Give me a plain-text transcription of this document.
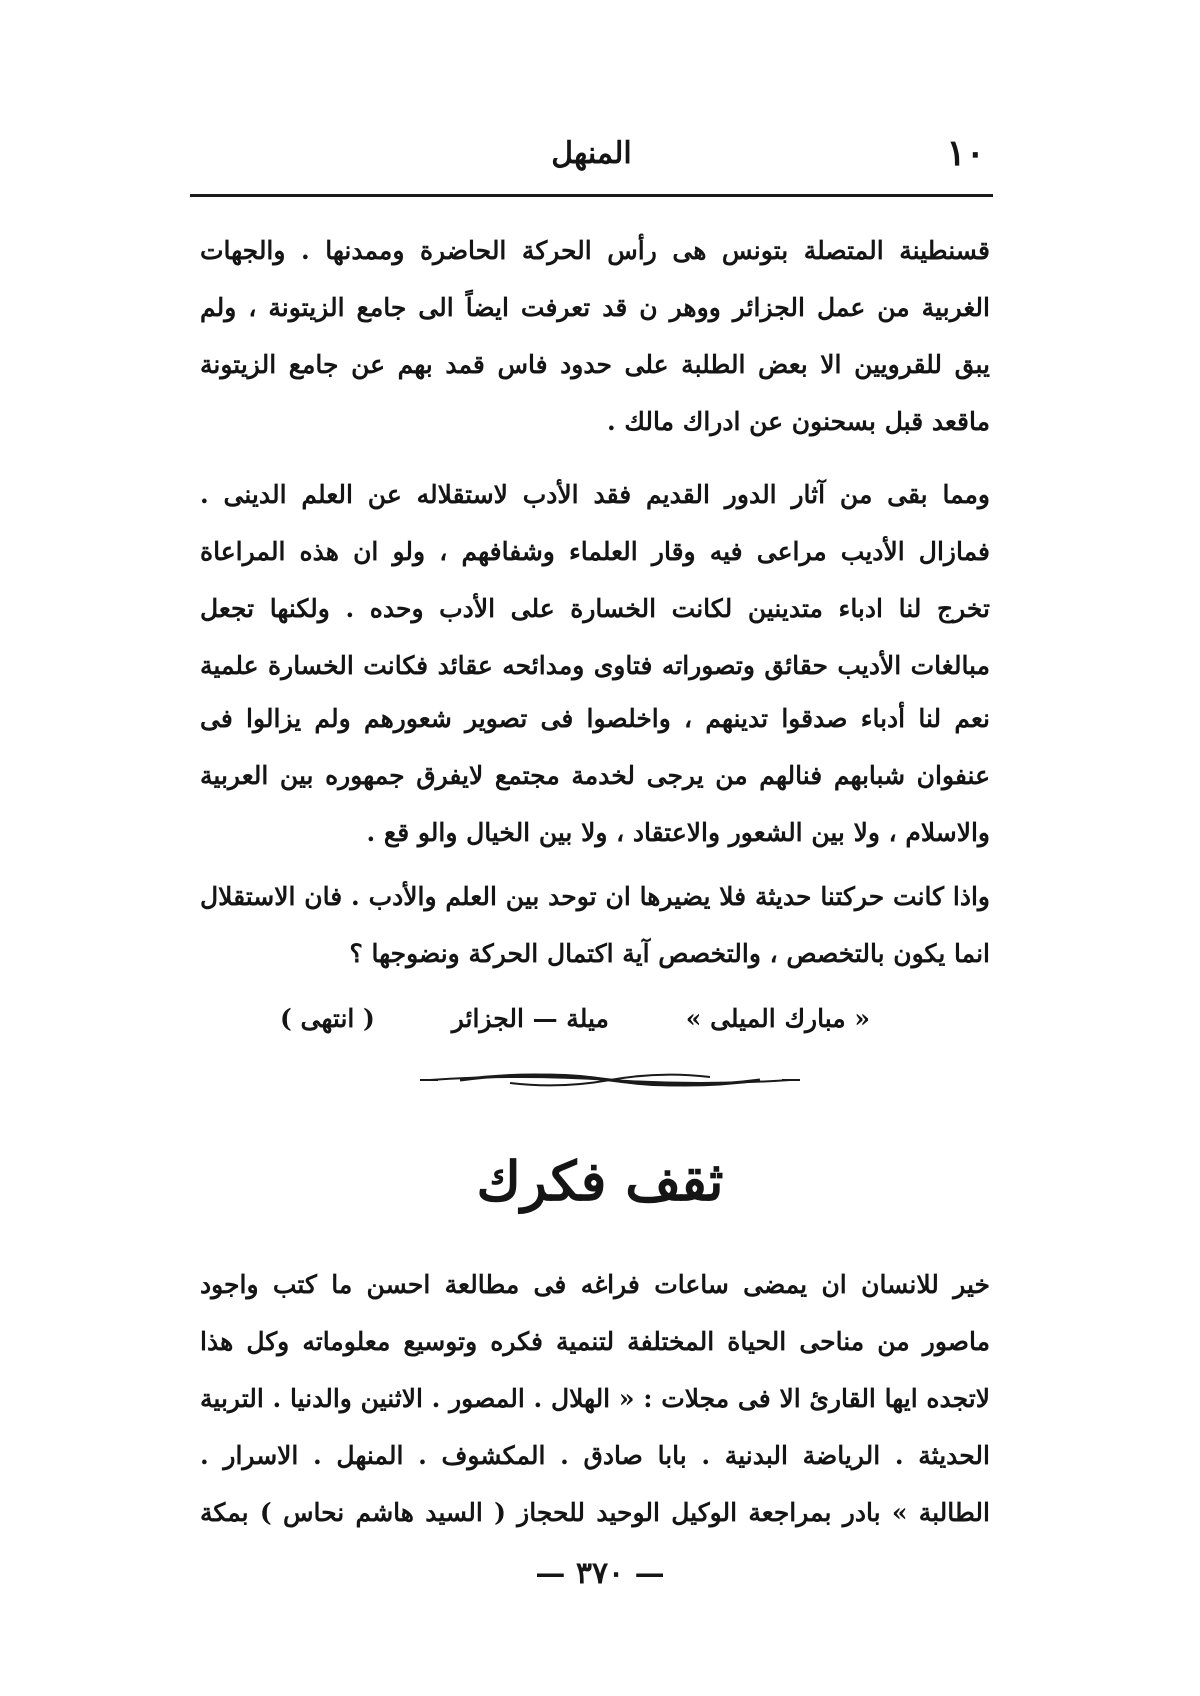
١٠
المنهل

قسنطينة المتصلة بتونس هى رأس الحركة الحاضرة وممدنها . والجهات الغربية من عمل الجزائر ووهر ن قد تعرفت ايضاً الى جامع الزيتونة ، ولم يبق للقرويين الا بعض الطلبة على حدود فاس قمد بهم عن جامع الزيتونة ماقعد قبل بسحنون عن ادراك مالك .

ومما بقى من آثار الدور القديم فقد الأدب لاستقلاله عن العلم الدينى . فمازال الأديب مراعى فيه وقار العلماء وشفافهم ، ولو ان هذه المراعاة تخرج لنا ادباء متدينين لكانت الخسارة على الأدب وحده . ولكنها تجعل مبالغات الأديب حقائق وتصوراته فتاوى ومدائحه عقائد فكانت الخسارة علمية

نعم لنا أدباء صدقوا تدينهم ، واخلصوا فى تصوير شعورهم ولم يزالوا فى عنفوان شبابهم فنالهم من يرجى لخدمة مجتمع لايفرق جمهوره بين العربية والاسلام ، ولا بين الشعور والاعتقاد ، ولا بين الخيال والو قع .

واذا كانت حركتنا حديثة فلا يضيرها ان توحد بين العلم والأدب . فان الاستقلال انما يكون بالتخصص ، والتخصص آية اكتمال الحركة ونضوجها ؟

« مبارك الميلى »
ميلة — الجزائر
( انتهى )
ثقف فكرك

خير للانسان ان يمضى ساعات فراغه فى مطالعة احسن ما كتب واجود ماصور من مناحى الحياة المختلفة لتنمية فكره وتوسيع معلوماته وكل هذا لاتجده ايها القارئ الا فى مجلات : « الهلال . المصور . الاثنين والدنيا . التربية الحديثة . الرياضة البدنية . بابا صادق . المكشوف . المنهل . الاسرار . الطالبة » بادر بمراجعة الوكيل الوحيد للحجاز ( السيد هاشم نحاس ) بمكة

— ٣٧٠ —
